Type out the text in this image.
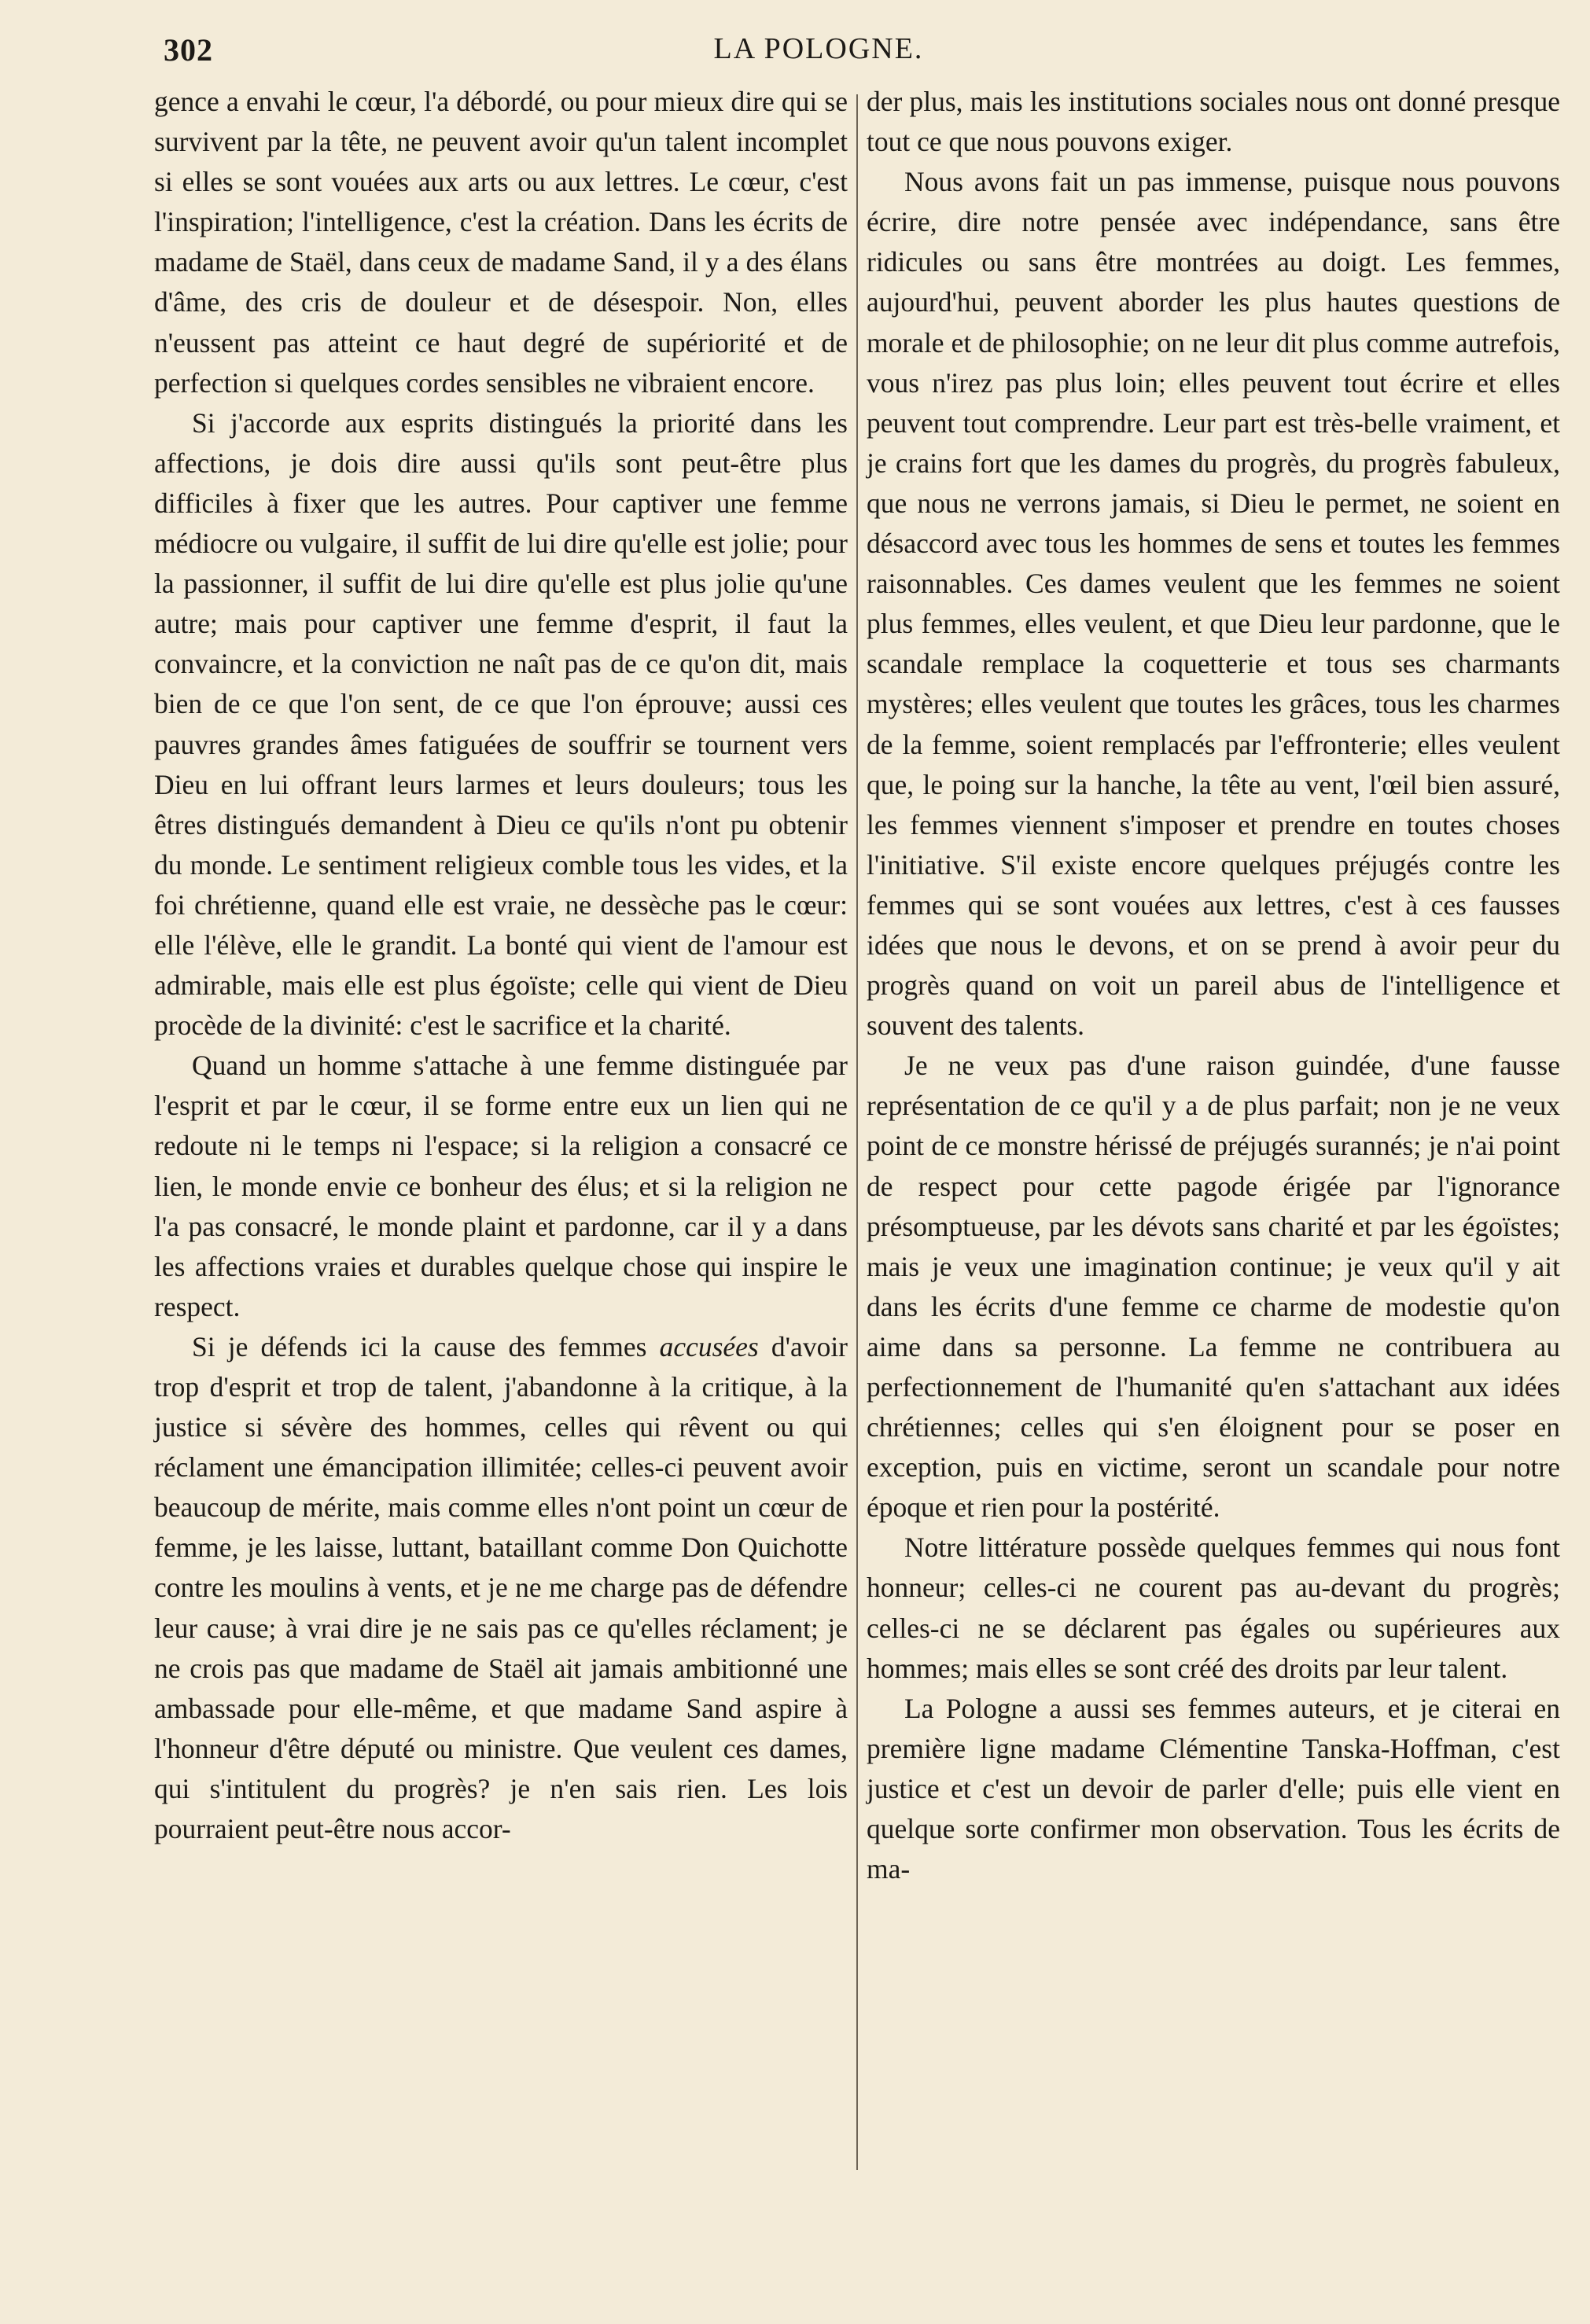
302	LA POLOGNE.

gence a envahi le cœur, l'a débordé, ou pour mieux dire qui se survivent par la tête, ne peuvent avoir qu'un talent incomplet si elles se sont vouées aux arts ou aux lettres. Le cœur, c'est l'inspiration; l'intelligence, c'est la création. Dans les écrits de madame de Staël, dans ceux de madame Sand, il y a des élans d'âme, des cris de douleur et de désespoir. Non, elles n'eussent pas atteint ce haut degré de supériorité et de perfection si quelques cordes sensibles ne vibraient encore.

Si j'accorde aux esprits distingués la priorité dans les affections, je dois dire aussi qu'ils sont peut-être plus difficiles à fixer que les autres. Pour captiver une femme médiocre ou vulgaire, il suffit de lui dire qu'elle est jolie; pour la passionner, il suffit de lui dire qu'elle est plus jolie qu'une autre; mais pour captiver une femme d'esprit, il faut la convaincre, et la conviction ne naît pas de ce qu'on dit, mais bien de ce que l'on sent, de ce que l'on éprouve; aussi ces pauvres grandes âmes fatiguées de souffrir se tournent vers Dieu en lui offrant leurs larmes et leurs douleurs; tous les êtres distingués demandent à Dieu ce qu'ils n'ont pu obtenir du monde. Le sentiment religieux comble tous les vides, et la foi chrétienne, quand elle est vraie, ne dessèche pas le cœur: elle l'élève, elle le grandit. La bonté qui vient de l'amour est admirable, mais elle est plus égoïste; celle qui vient de Dieu procède de la divinité: c'est le sacrifice et la charité.

Quand un homme s'attache à une femme distinguée par l'esprit et par le cœur, il se forme entre eux un lien qui ne redoute ni le temps ni l'espace; si la religion a consacré ce lien, le monde envie ce bonheur des élus; et si la religion ne l'a pas consacré, le monde plaint et pardonne, car il y a dans les affections vraies et durables quelque chose qui inspire le respect.

Si je défends ici la cause des femmes accusées d'avoir trop d'esprit et trop de talent, j'abandonne à la critique, à la justice si sévère des hommes, celles qui rêvent ou qui réclament une émancipation illimitée; celles-ci peuvent avoir beaucoup de mérite, mais comme elles n'ont point un cœur de femme, je les laisse, luttant, bataillant comme Don Quichotte contre les moulins à vents, et je ne me charge pas de défendre leur cause; à vrai dire je ne sais pas ce qu'elles réclament; je ne crois pas que madame de Staël ait jamais ambitionné une ambassade pour elle-même, et que madame Sand aspire à l'honneur d'être député ou ministre. Que veulent ces dames, qui s'intitulent du progrès? je n'en sais rien. Les lois pourraient peut-être nous accor-

der plus, mais les institutions sociales nous ont donné presque tout ce que nous pouvons exiger.

Nous avons fait un pas immense, puisque nous pouvons écrire, dire notre pensée avec indépendance, sans être ridicules ou sans être montrées au doigt. Les femmes, aujourd'hui, peuvent aborder les plus hautes questions de morale et de philosophie; on ne leur dit plus comme autrefois, vous n'irez pas plus loin; elles peuvent tout écrire et elles peuvent tout comprendre. Leur part est très-belle vraiment, et je crains fort que les dames du progrès, du progrès fabuleux, que nous ne verrons jamais, si Dieu le permet, ne soient en désaccord avec tous les hommes de sens et toutes les femmes raisonnables. Ces dames veulent que les femmes ne soient plus femmes, elles veulent, et que Dieu leur pardonne, que le scandale remplace la coquetterie et tous ses charmants mystères; elles veulent que toutes les grâces, tous les charmes de la femme, soient remplacés par l'effronterie; elles veulent que, le poing sur la hanche, la tête au vent, l'œil bien assuré, les femmes viennent s'imposer et prendre en toutes choses l'initiative. S'il existe encore quelques préjugés contre les femmes qui se sont vouées aux lettres, c'est à ces fausses idées que nous le devons, et on se prend à avoir peur du progrès quand on voit un pareil abus de l'intelligence et souvent des talents.

Je ne veux pas d'une raison guindée, d'une fausse représentation de ce qu'il y a de plus parfait; non je ne veux point de ce monstre hérissé de préjugés surannés; je n'ai point de respect pour cette pagode érigée par l'ignorance présomptueuse, par les dévots sans charité et par les égoïstes; mais je veux une imagination continue; je veux qu'il y ait dans les écrits d'une femme ce charme de modestie qu'on aime dans sa personne. La femme ne contribuera au perfectionnement de l'humanité qu'en s'attachant aux idées chrétiennes; celles qui s'en éloignent pour se poser en exception, puis en victime, seront un scandale pour notre époque et rien pour la postérité.

Notre littérature possède quelques femmes qui nous font honneur; celles-ci ne courent pas au-devant du progrès; celles-ci ne se déclarent pas égales ou supérieures aux hommes; mais elles se sont créé des droits par leur talent.

La Pologne a aussi ses femmes auteurs, et je citerai en première ligne madame Clémentine Tanska-Hoffman, c'est justice et c'est un devoir de parler d'elle; puis elle vient en quelque sorte confirmer mon observation. Tous les écrits de ma-
